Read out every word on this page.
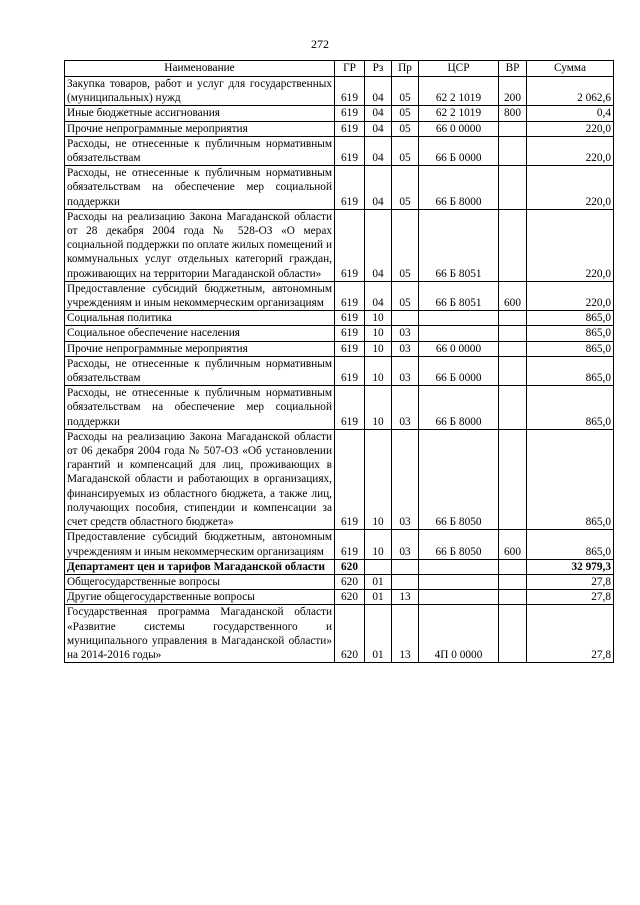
272
Наименование	ГР	Рз	Пр	ЦСР	ВР	Сумма
Закупка товаров, работ и услуг для государственных (муниципальных) нужд	619	04	05	62 2 1019	200	2 062,6
Иные бюджетные ассигнования	619	04	05	62 2 1019	800	0,4
Прочие непрограммные мероприятия	619	04	05	66 0 0000		220,0
Расходы, не отнесенные к публичным нормативным обязательствам	619	04	05	66 Б 0000		220,0
Расходы, не отнесенные к публичным нормативным обязательствам на обеспечение мер социальной поддержки	619	04	05	66 Б 8000		220,0
Расходы на реализацию Закона Магаданской области от 28 декабря 2004 года № 528-ОЗ «О мерах социальной поддержки по оплате жилых помещений и коммунальных услуг отдельных категорий граждан, проживающих на территории Магаданской области»	619	04	05	66 Б 8051		220,0
Предоставление субсидий бюджетным, автономным учреждениям и иным некоммерческим организациям	619	04	05	66 Б 8051	600	220,0
Социальная политика	619	10				865,0
Социальное обеспечение населения	619	10	03			865,0
Прочие непрограммные мероприятия	619	10	03	66 0 0000		865,0
Расходы, не отнесенные к публичным нормативным обязательствам	619	10	03	66 Б 0000		865,0
Расходы, не отнесенные к публичным нормативным обязательствам на обеспечение мер социальной поддержки	619	10	03	66 Б 8000		865,0
Расходы на реализацию Закона Магаданской области от 06 декабря 2004 года № 507-ОЗ «Об установлении гарантий и компенсаций для лиц, проживающих в Магаданской области и работающих в организациях, финансируемых из областного бюджета, а также лиц, получающих пособия, стипендии и компенсации за счет средств областного бюджета»	619	10	03	66 Б 8050		865,0
Предоставление субсидий бюджетным, автономным учреждениям и иным некоммерческим организациям	619	10	03	66 Б 8050	600	865,0
Департамент цен и тарифов Магаданской области	620					32 979,3
Общегосударственные вопросы	620	01				27,8
Другие общегосударственные вопросы	620	01	13			27,8
Государственная программа Магаданской области «Развитие системы государственного и муниципального управления в Магаданской области» на 2014-2016 годы»	620	01	13	4П 0 0000		27,8
